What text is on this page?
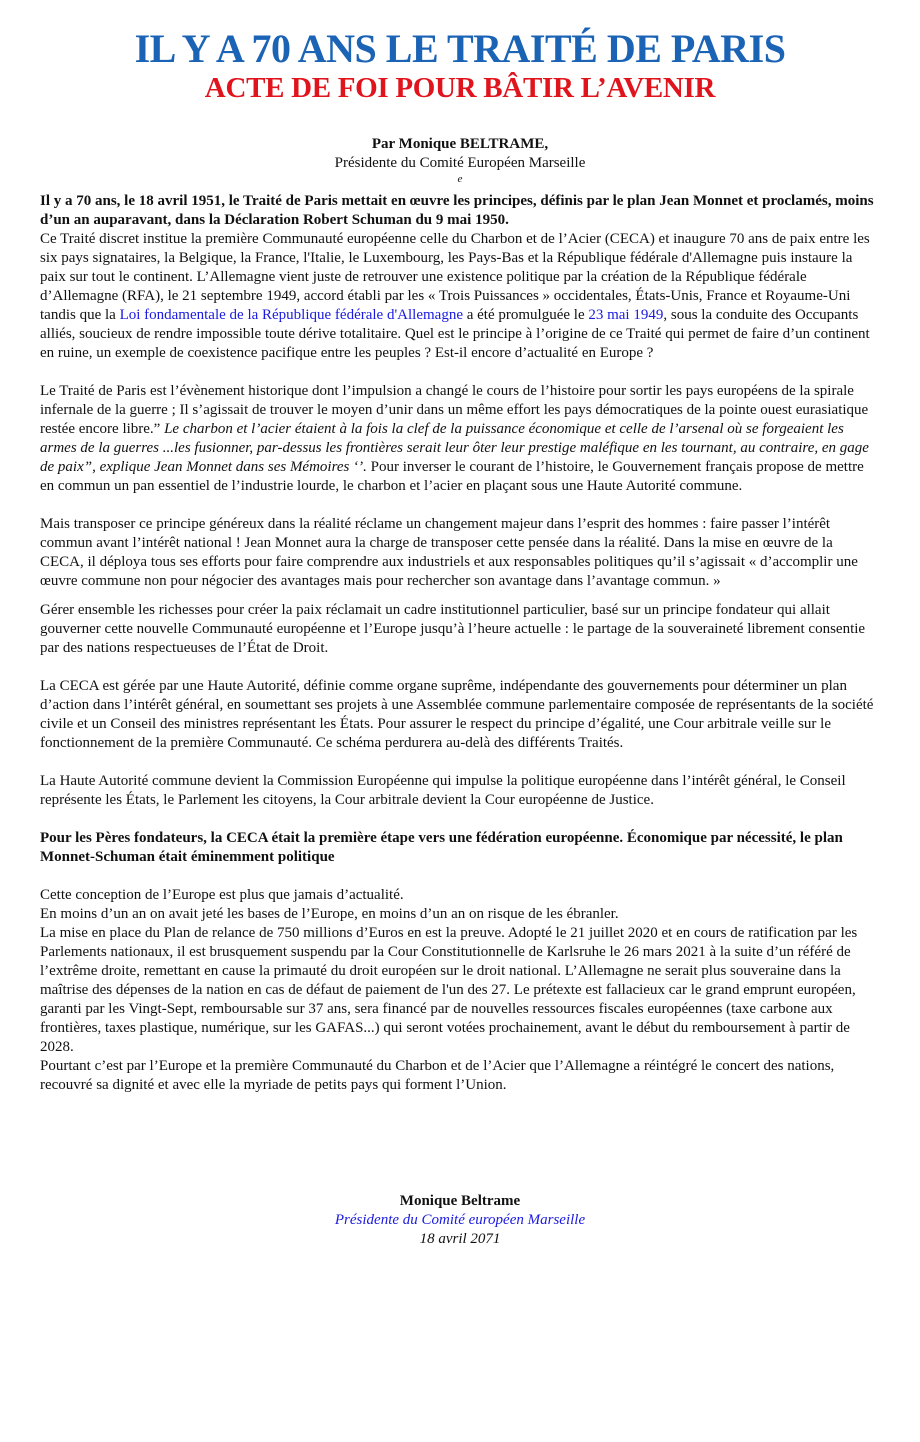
IL Y A 70 ANS LE TRAITÉ DE PARIS
ACTE DE FOI POUR BÂTIR L’AVENIR
Par Monique BELTRAME,
Présidente du Comité Européen Marseille
e

Il y a 70 ans, le 18 avril 1951, le Traité de Paris mettait en œuvre les principes, définis par le plan Jean Monnet et proclamés, moins d’un an auparavant, dans la Déclaration Robert Schuman du 9 mai 1950.

Ce Traité discret institue la première Communauté européenne celle du Charbon et de l’Acier (CECA) et inaugure 70 ans de paix entre les six pays signataires, la Belgique, la France, l'Italie, le Luxembourg, les Pays-Bas et la République fédérale d'Allemagne puis instaure la paix sur tout le continent. L’Allemagne vient juste de retrouver une existence politique par la création de la République fédérale d’Allemagne (RFA), le 21 septembre 1949, accord établi par les « Trois Puissances » occidentales, États-Unis, France et Royaume-Uni tandis que la Loi fondamentale de la République fédérale d'Allemagne a été promulguée le 23 mai 1949, sous la conduite des Occupants alliés, soucieux de rendre impossible toute dérive totalitaire. Quel est le principe à l’origine de ce Traité qui permet de faire d’un continent en ruine, un exemple de coexistence pacifique entre les peuples ? Est-il encore d’actualité en Europe ?

Le Traité de Paris est l’évènement historique dont l’impulsion a changé le cours de l’histoire pour sortir les pays européens de la spirale infernale de la guerre ; Il s’agissait de trouver le moyen d’unir dans un même effort les pays démocratiques de la pointe ouest eurasiatique restée encore libre.” Le charbon et l’acier étaient à la fois la clef de la puissance économique et celle de l’arsenal où se forgeaient les armes de la guerres ...les fusionner, par-dessus les frontières serait leur ôter leur prestige maléfique en les tournant, au contraire, en gage de paix”, explique Jean Monnet dans ses Mémoires ‘’. Pour inverser le courant de l’histoire, le Gouvernement français propose de mettre en commun un pan essentiel de l’industrie lourde, le charbon et l’acier en plaçant sous une Haute Autorité commune.

Mais transposer ce principe généreux dans la réalité réclame un changement majeur dans l’esprit des hommes : faire passer l’intérêt commun avant l’intérêt national ! Jean Monnet aura la charge de transposer cette pensée dans la réalité. Dans la mise en œuvre de la CECA, il déploya tous ses efforts pour faire comprendre aux industriels et aux responsables politiques qu’il s’agissait « d’accomplir une œuvre commune non pour négocier des avantages mais pour rechercher son avantage dans l’avantage commun. »

Gérer ensemble les richesses pour créer la paix réclamait un cadre institutionnel particulier, basé sur un principe fondateur qui allait gouverner cette nouvelle Communauté européenne et l’Europe jusqu’à l’heure actuelle : le partage de la souveraineté librement consentie par des nations respectueuses de l’État de Droit.

La CECA est gérée par une Haute Autorité, définie comme organe suprême, indépendante des gouvernements pour déterminer un plan d’action dans l’intérêt général, en soumettant ses projets à une Assemblée commune parlementaire composée de représentants de la société civile et un Conseil des ministres représentant les États. Pour assurer le respect du principe d’égalité, une Cour arbitrale veille sur le fonctionnement de la première Communauté. Ce schéma perdurera au-delà des différents Traités.

La Haute Autorité commune devient la Commission Européenne qui impulse la politique européenne dans l’intérêt général, le Conseil représente les États, le Parlement les citoyens, la Cour arbitrale devient la Cour européenne de Justice.

Pour les Pères fondateurs, la CECA était la première étape vers une fédération européenne. Économique par nécessité, le plan Monnet-Schuman était éminemment politique

Cette conception de l’Europe est plus que jamais d’actualité.

En moins d’un an on avait jeté les bases de l’Europe, en moins d’un an on risque de les ébranler.

La mise en place du Plan de relance de 750 millions d’Euros en est la preuve. Adopté le 21 juillet 2020 et en cours de ratification par les Parlements nationaux, il est brusquement suspendu par la Cour Constitutionnelle de Karlsruhe le 26 mars 2021 à la suite d’un référé de l’extrême droite, remettant en cause la primauté du droit européen sur le droit national. L’Allemagne ne serait plus souveraine dans la maîtrise des dépenses de la nation en cas de défaut de paiement de l'un des 27. Le prétexte est fallacieux car le grand emprunt européen, garanti par les Vingt-Sept, remboursable sur 37 ans, sera financé par de nouvelles ressources fiscales européennes (taxe carbone aux frontières, taxes plastique, numérique, sur les GAFAS...) qui seront votées prochainement, avant le début du remboursement à partir de 2028.

Pourtant c’est par l’Europe et la première Communauté du Charbon et de l’Acier que l’Allemagne a réintégré le concert des nations, recouvré sa dignité et avec elle la myriade de petits pays qui forment l’Union.

Monique Beltrame
Présidente du Comité européen Marseille
18 avril 2071
